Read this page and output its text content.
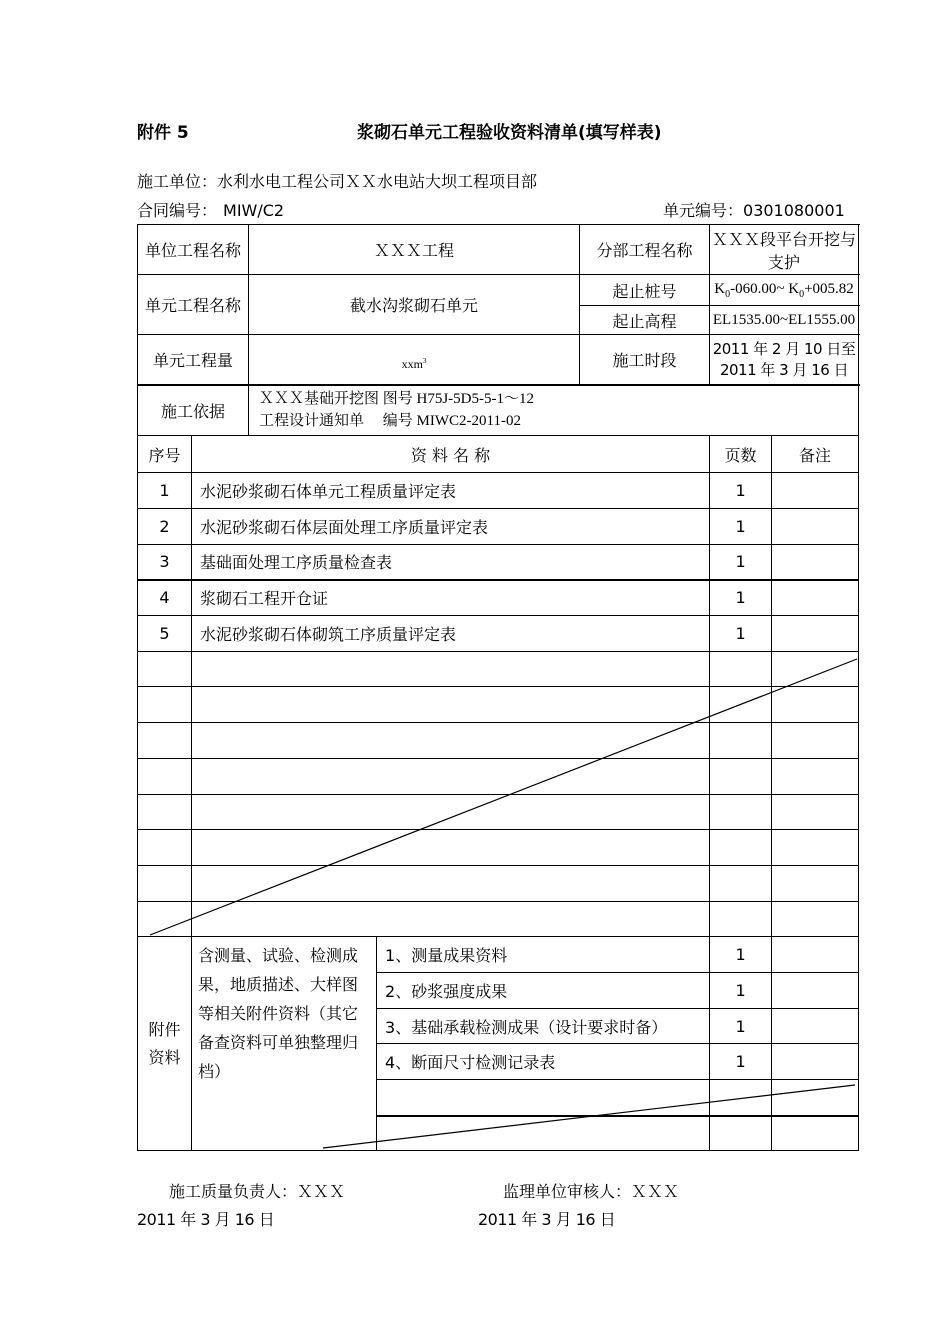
附件 5	浆砌石单元工程验收资料清单(填写样表)
施工单位：水利水电工程公司ＸＸ水电站大坝工程项目部
合同编号： MIW/C2	单元编号：0301080001
单位工程名称		ＸＸＸ工程		分部工程名称	ＸＸＸ段平台开挖与支护	
单元工程名称		截水沟浆砌石单元		起止桩号	$K_0-060.00\sim$ $K_0+005.82$	
				起止高程	EL1535.00~EL1555.00	
单元工程量		xxm$^3$		施工时段	2011 年 2 月 10 日至 2011 年 3 月 16 日	
施工依据		ＸＸＸ基础开挖图 图号 H75J-5D5-5-1～12
工程设计通知单　 编号 MIWC2-2011-02				

序号	资 料 名 称				页数	备注
1	水泥砂浆砌石体单元工程质量评定表				1	
2	水泥砂浆砌石体层面处理工序质量评定表				1	
3	基础面处理工序质量检查表				1	
4	浆砌石工程开仓证				1	
5	水泥砂浆砌石体砌筑工序质量评定表				1	

附件
资料	含测量、试验、检测成果，地质描述、大样图等相关附件资料（其它备查资料可单独整理归档）		1、测量成果资料		1	
			2、砂浆强度成果		1	
			3、基础承载检测成果（设计要求时备）		1	
			4、断面尺寸检测记录表		1	

施工质量负责人：ＸＸＸ
2011 年 3 月 16 日
监理单位审核人：ＸＸＸ
2011 年 3 月 16 日
